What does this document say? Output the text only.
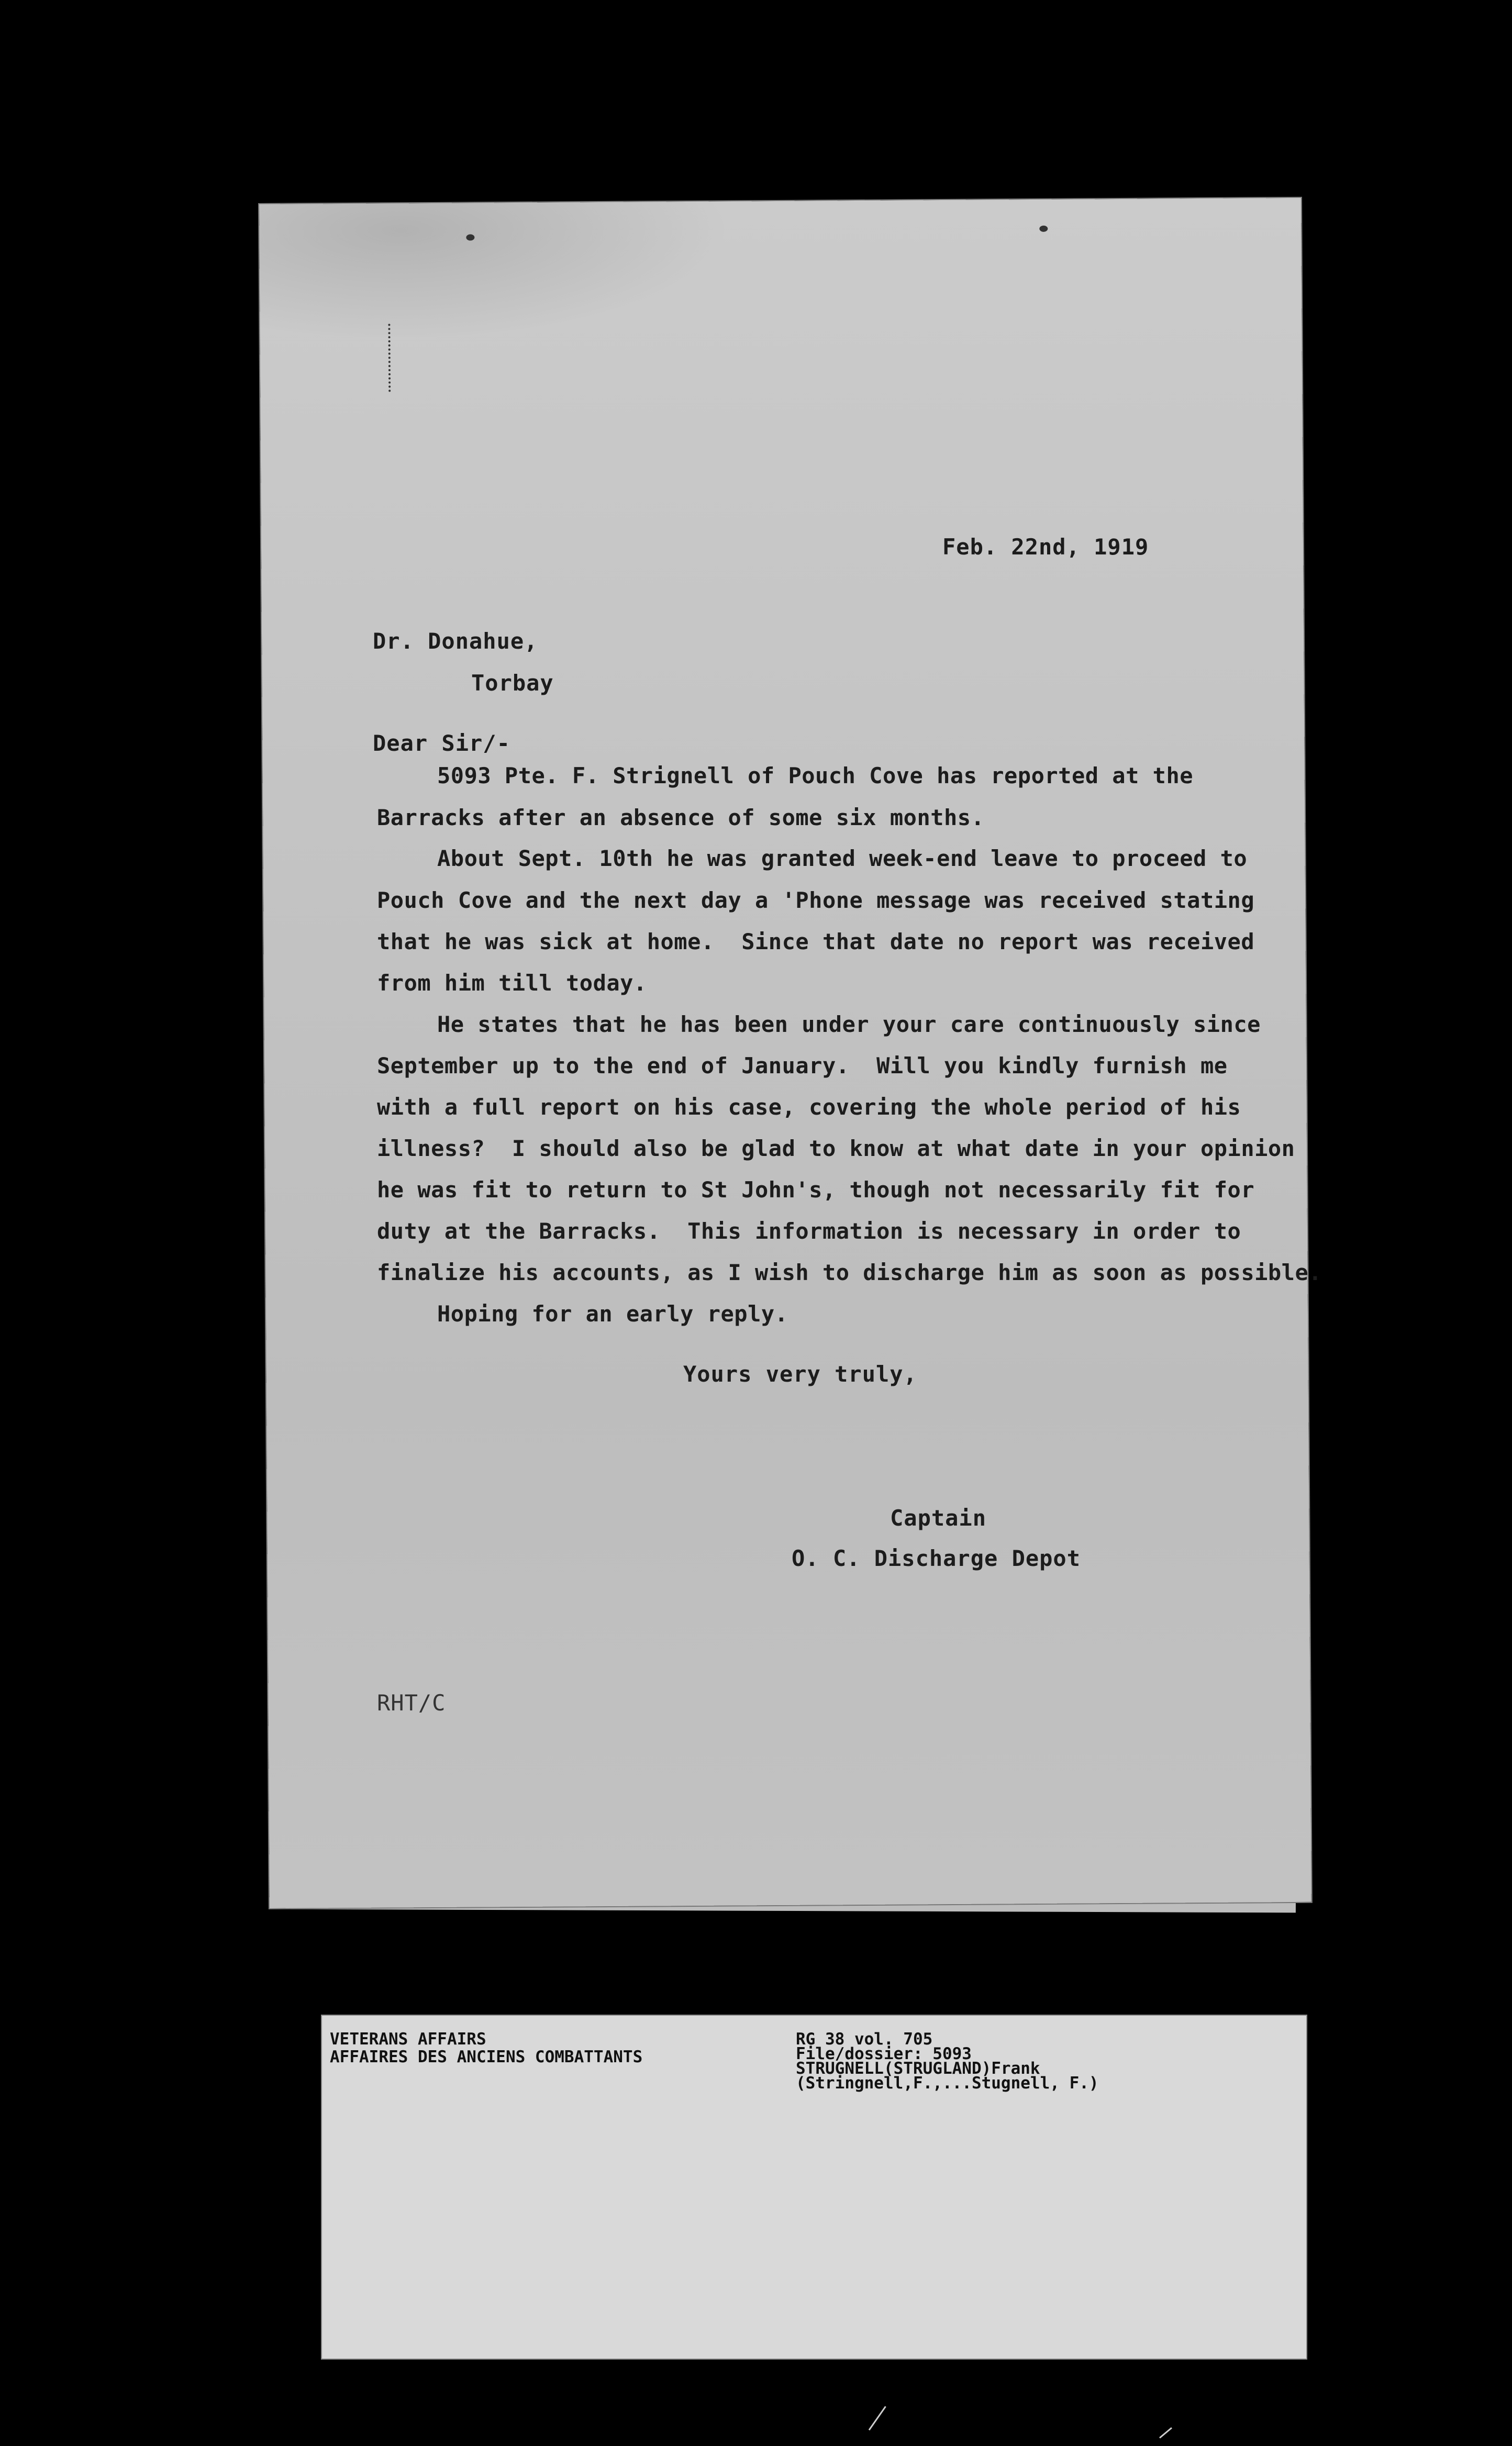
Feb. 22nd, 1919
Dr. Donahue,
Torbay
Dear Sir/-
5093 Pte. F. Strignell of Pouch Cove has reported at the
Barracks after an absence of some six months.
About Sept. 10th he was granted week-end leave to proceed to
Pouch Cove and the next day a 'Phone message was received stating
that he was sick at home.  Since that date no report was received
from him till today.
He states that he has been under your care continuously since
September up to the end of January.  Will you kindly furnish me
with a full report on his case, covering the whole period of his
illness?  I should also be glad to know at what date in your opinion
he was fit to return to St John's, though not necessarily fit for
duty at the Barracks.  This information is necessary in order to
finalize his accounts, as I wish to discharge him as soon as possible.
Hoping for an early reply.
Yours very truly,
Captain
O. C. Discharge Depot
RHT/C
VETERANS AFFAIRS
AFFAIRES DES ANCIENS COMBATTANTS
RG 38 vol. 705
File/dossier: 5093
STRUGNELL(STRUGLAND)Frank
(Stringnell,F.,...Stugnell, F.)
